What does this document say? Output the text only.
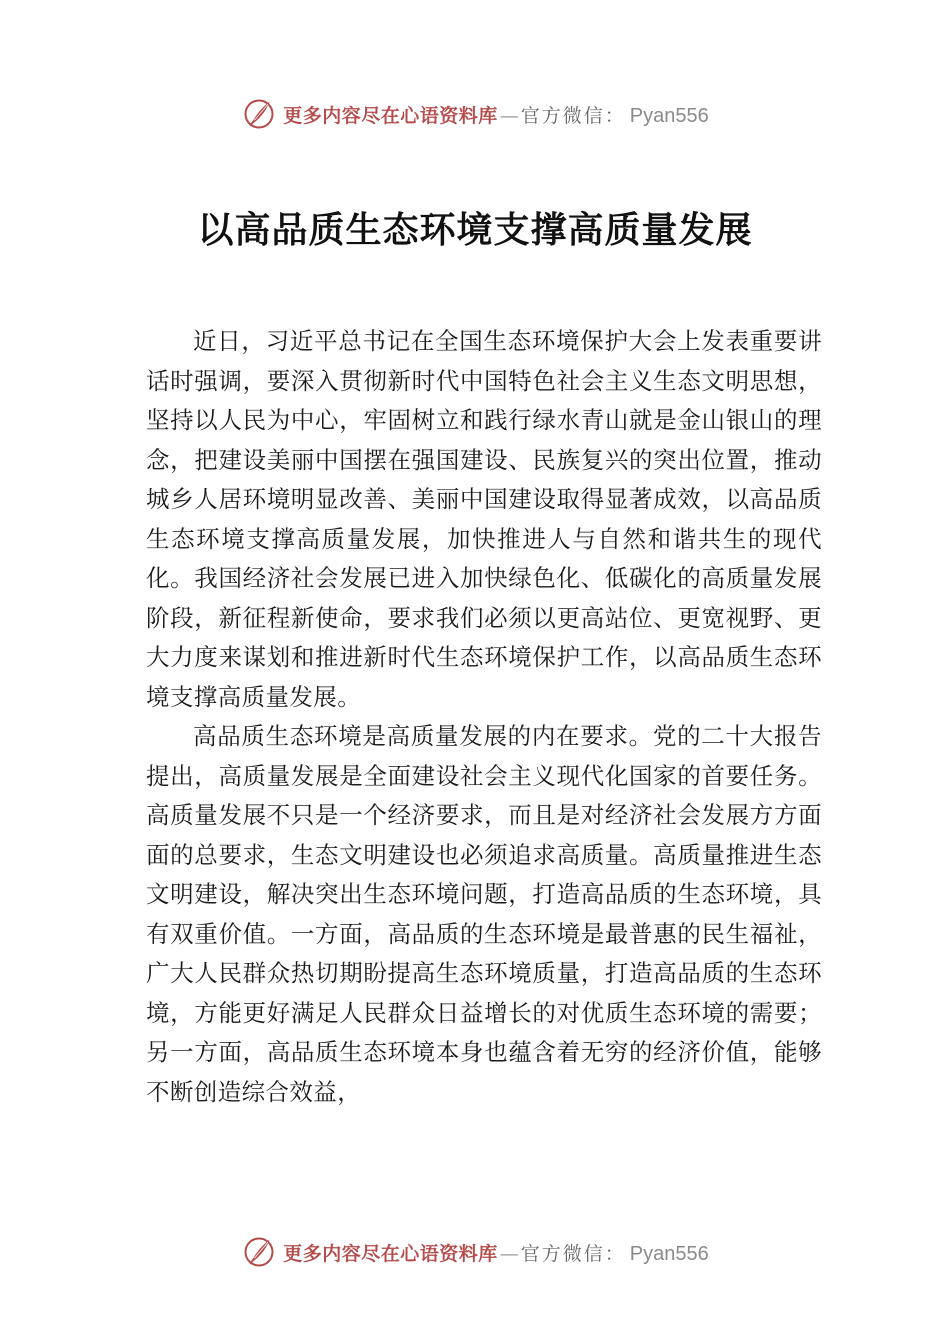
更多内容尽在心语资料库 — 官方微信： Pyan556
以高品质生态环境支撑高质量发展

近日，习近平总书记在全国生态环境保护大会上发表重要讲话时强调，要深入贯彻新时代中国特色社会主义生态文明思想，坚持以人民为中心，牢固树立和践行绿水青山就是金山银山的理念，把建设美丽中国摆在强国建设、民族复兴的突出位置，推动城乡人居环境明显改善、美丽中国建设取得显著成效，以高品质生态环境支撑高质量发展，加快推进人与自然和谐共生的现代化。我国经济社会发展已进入加快绿色化、低碳化的高质量发展阶段，新征程新使命，要求我们必须以更高站位、更宽视野、更大力度来谋划和推进新时代生态环境保护工作，以高品质生态环境支撑高质量发展。

高品质生态环境是高质量发展的内在要求。党的二十大报告提出，高质量发展是全面建设社会主义现代化国家的首要任务。高质量发展不只是一个经济要求，而且是对经济社会发展方方面面的总要求，生态文明建设也必须追求高质量。高质量推进生态文明建设，解决突出生态环境问题，打造高品质的生态环境，具有双重价值。一方面，高品质的生态环境是最普惠的民生福祉，广大人民群众热切期盼提高生态环境质量，打造高品质的生态环境，方能更好满足人民群众日益增长的对优质生态环境的需要；另一方面，高品质生态环境本身也蕴含着无穷的经济价值，能够不断创造综合效益，

更多内容尽在心语资料库 — 官方微信： Pyan556
